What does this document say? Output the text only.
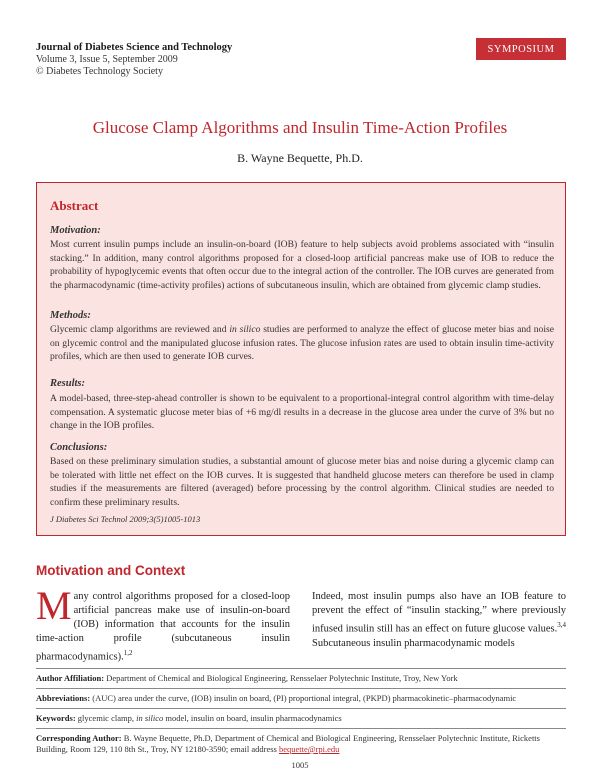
Journal of Diabetes Science and Technology
Volume 3, Issue 5, September 2009
© Diabetes Technology Society
SYMPOSIUM
Glucose Clamp Algorithms and Insulin Time-Action Profiles
B. Wayne Bequette, Ph.D.
Abstract
Motivation:
Most current insulin pumps include an insulin-on-board (IOB) feature to help subjects avoid problems associated with “insulin stacking.” In addition, many control algorithms proposed for a closed-loop artificial pancreas make use of IOB to reduce the probability of hypoglycemic events that often occur due to the integral action of the controller. The IOB curves are generated from the pharmacodynamic (time-activity profiles) actions of subcutaneous insulin, which are obtained from glycemic clamp studies.
Methods:
Glycemic clamp algorithms are reviewed and in silico studies are performed to analyze the effect of glucose meter bias and noise on glycemic control and the manipulated glucose infusion rates. The glucose infusion rates are used to obtain insulin time-activity profiles, which are then used to generate IOB curves.
Results:
A model-based, three-step-ahead controller is shown to be equivalent to a proportional-integral control algorithm with time-delay compensation. A systematic glucose meter bias of +6 mg/dl results in a decrease in the glucose area under the curve of 3% but no change in the IOB profiles.
Conclusions:
Based on these preliminary simulation studies, a substantial amount of glucose meter bias and noise during a glycemic clamp can be tolerated with little net effect on the IOB curves. It is suggested that handheld glucose meters can therefore be used in clamp studies if the measurements are filtered (averaged) before processing by the control algorithm. Clinical studies are needed to confirm these preliminary results.
J Diabetes Sci Technol 2009;3(5)1005-1013
Motivation and Context
Many control algorithms proposed for a closed-loop artificial pancreas make use of insulin-on-board (IOB) information that accounts for the insulin time-action profile (subcutaneous insulin pharmacodynamics).$^{1,2}$
Indeed, most insulin pumps also have an IOB feature to prevent the effect of “insulin stacking,” where previously infused insulin still has an effect on future glucose values.$^{3,4}$ Subcutaneous insulin pharmacodynamic models
Author Affiliation: Department of Chemical and Biological Engineering, Rensselaer Polytechnic Institute, Troy, New York
Abbreviations: (AUC) area under the curve, (IOB) insulin on board, (PI) proportional integral, (PKPD) pharmacokinetic–pharmacodynamic
Keywords: glycemic clamp, in silico model, insulin on board, insulin pharmacodynamics
Corresponding Author: B. Wayne Bequette, Ph.D, Department of Chemical and Biological Engineering, Rensselaer Polytechnic Institute, Ricketts Building, Room 129, 110 8th St., Troy, NY 12180-3590; email address bequette@rpi.edu
1005
